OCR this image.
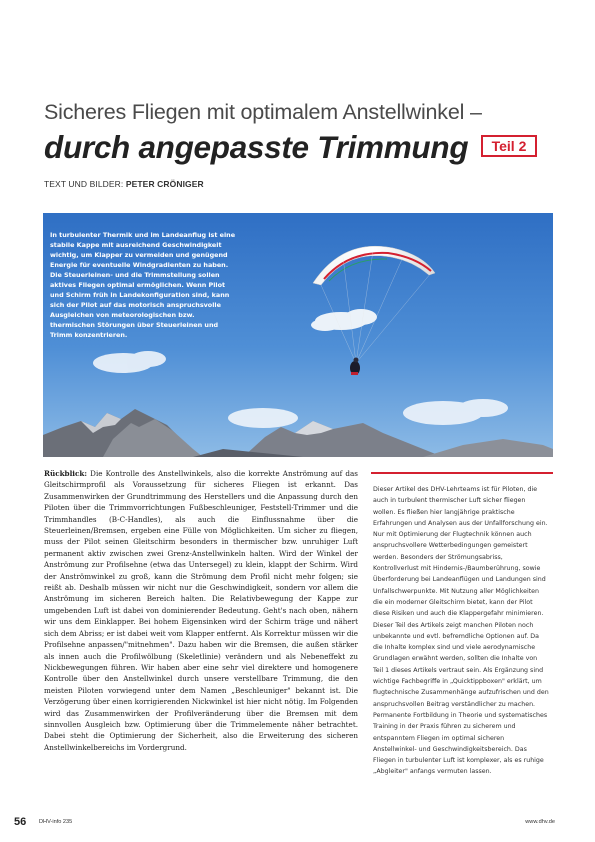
Sicheres Fliegen mit optimalem Anstellwinkel –
durch angepasste Trimmung	Teil 2
TEXT UND BILDER: PETER CRÖNIGER
In turbulenter Thermik und im Landeanflug ist eine stabile Kappe mit ausreichend Geschwindigkeit wichtig, um Klapper zu vermeiden und genügend Energie für eventuelle Windgradienten zu haben. Die Steuerleinen- und die Trimmstellung sollen aktives Fliegen optimal ermöglichen. Wenn Pilot und Schirm früh in Landekonfiguration sind, kann sich der Pilot auf das motorisch anspruchsvolle Ausgleichen von meteorologischen bzw. thermischen Störungen über Steuerleinen und Trimm konzentrieren.
Rückblick: Die Kontrolle des Anstellwinkels, also die korrekte Anströmung auf das Gleitschirmprofil als Voraussetzung für sicheres Fliegen ist erkannt. Das Zusammenwirken der Grundtrimmung des Herstellers und die Anpassung durch den Piloten über die Trimmvorrichtungen Fußbeschleuniger, Feststell-Trimmer und die Trimmhandles (B-C-Handles), als auch die Einflussnahme über die Steuerleinen/Bremsen, ergeben eine Fülle von Möglichkeiten. Um sicher zu fliegen, muss der Pilot seinen Gleitschirm besonders in thermischer bzw. unruhiger Luft permanent aktiv zwischen zwei Grenz-Anstellwinkeln halten. Wird der Winkel der Anströmung zur Profilsehne (etwa das Untersegel) zu klein, klappt der Schirm. Wird der Anströmwinkel zu groß, kann die Strömung dem Profil nicht mehr folgen; sie reißt ab. Deshalb müssen wir nicht nur die Geschwindigkeit, sondern vor allem die Anströmung im sicheren Bereich halten. Die Relativbewegung der Kappe zur umgebenden Luft ist dabei von dominierender Bedeutung. Geht's nach oben, nähern wir uns dem Einklapper. Bei hohem Eigensinken wird der Schirm träge und nähert sich dem Abriss; er ist dabei weit vom Klapper entfernt. Als Korrektur müssen wir die Profilsehne anpassen/"mitnehmen". Dazu haben wir die Bremsen, die außen stärker als innen auch die Profilwölbung (Skeletlinie) verändern und als Nebeneffekt zu Nickbewegungen führen. Wir haben aber eine sehr viel direktere und homogenere Kontrolle über den Anstellwinkel durch unsere verstellbare Trimmung, die den meisten Piloten vorwiegend unter dem Namen „Beschleuniger" bekannt ist. Die Verzögerung über einen korrigierenden Nickwinkel ist hier nicht nötig. Im Folgenden wird das Zusammenwirken der Profilveränderung über die Bremsen mit dem sinnvollen Ausgleich bzw. Optimierung über die Trimmelemente näher betrachtet. Dabei steht die Optimierung der Sicherheit, also die Erweiterung des sicheren Anstellwinkelbereichs im Vordergrund.
Dieser Artikel des DHV-Lehrteams ist für Piloten, die auch in turbulent thermischer Luft sicher fliegen wollen. Es fließen hier langjährige praktische Erfahrungen und Analysen aus der Unfallforschung ein. Nur mit Optimierung der Flugtechnik können auch anspruchsvollere Wetterbedingungen gemeistert werden. Besonders der Strömungsabriss, Kontrollverlust mit Hindernis-/Baumberührung, sowie Überforderung bei Landeanflügen und Landungen sind Unfallschwerpunkte. Mit Nutzung aller Möglichkeiten die ein moderner Gleitschirm bietet, kann der Pilot diese Risiken und auch die Klappergefahr minimieren. Dieser Teil des Artikels zeigt manchen Piloten noch unbekannte und evtl. befremdliche Optionen auf. Da die Inhalte komplex sind und viele aerodynamische Grundlagen erwähnt werden, sollten die Inhalte von Teil 1 dieses Artikels vertraut sein. Als Ergänzung sind wichtige Fachbegriffe in „Quicktippboxen" erklärt, um flugtechnische Zusammenhänge aufzufrischen und den anspruchsvollen Beitrag verständlicher zu machen. Permanente Fortbildung in Theorie und systematisches Training in der Praxis führen zu sicherem und entspanntem Fliegen im optimal sicheren Anstellwinkel- und Geschwindigkeitsbereich. Das Fliegen in turbulenter Luft ist komplexer, als es ruhige „Abgleiter" anfangs vermuten lassen.
56 DHV-info 235	www.dhv.de
